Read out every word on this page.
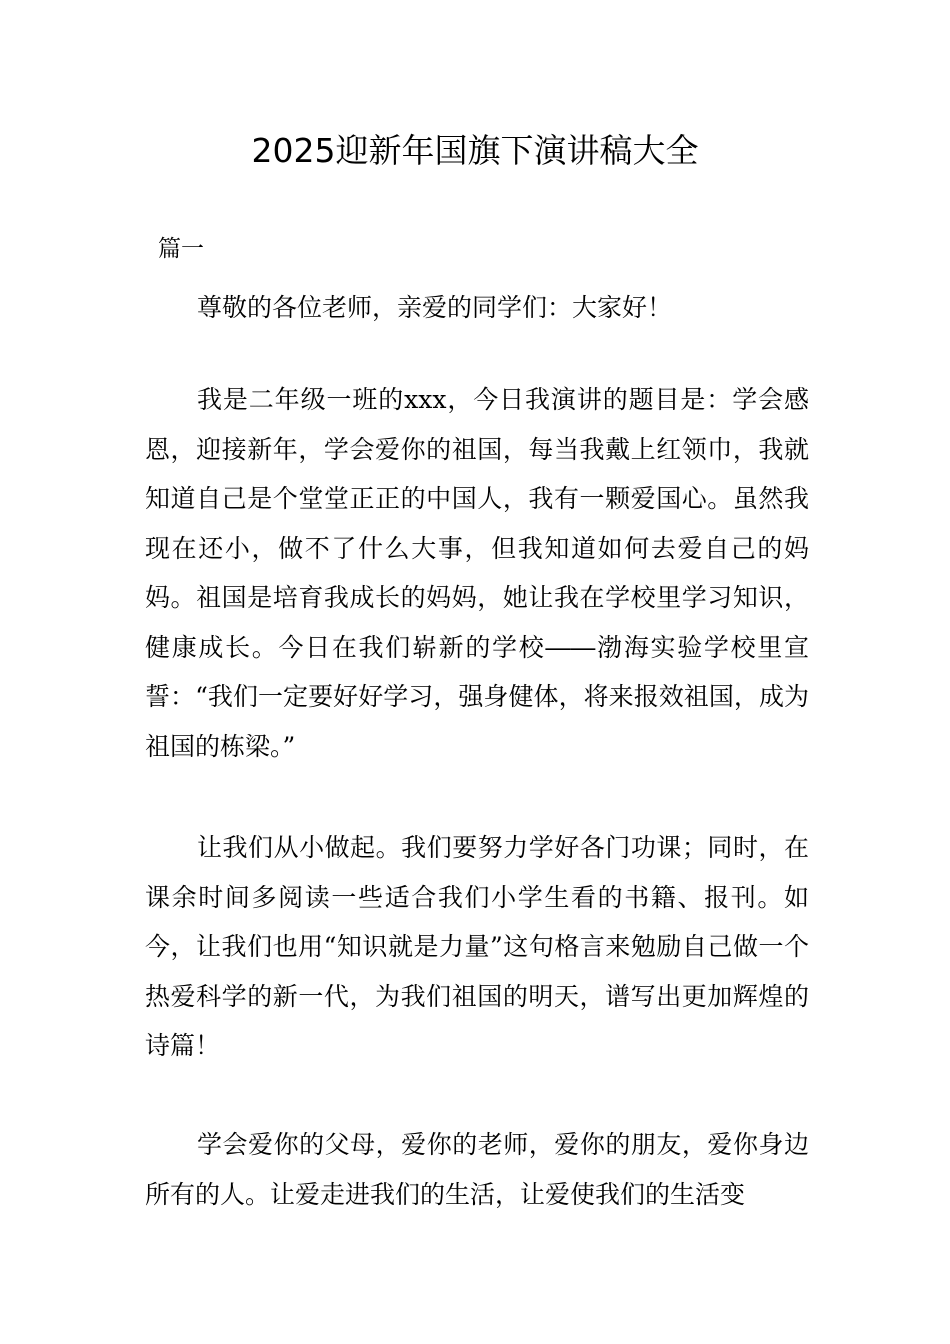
2025迎新年国旗下演讲稿大全

篇一

尊敬的各位老师，亲爱的同学们：大家好！

我是二年级一班的xxx，今日我演讲的题目是：学会感恩，迎接新年，学会爱你的祖国，每当我戴上红领巾，我就知道自己是个堂堂正正的中国人，我有一颗爱国心。虽然我现在还小，做不了什么大事，但我知道如何去爱自己的妈妈。祖国是培育我成长的妈妈，她让我在学校里学习知识，健康成长。今日在我们崭新的学校――渤海实验学校里宣誓：“我们一定要好好学习，强身健体，将来报效祖国，成为祖国的栋梁。”

让我们从小做起。我们要努力学好各门功课；同时，在课余时间多阅读一些适合我们小学生看的书籍、报刊。如今，让我们也用“知识就是力量”这句格言来勉励自己做一个热爱科学的新一代，为我们祖国的明天，谱写出更加辉煌的诗篇！

学会爱你的父母，爱你的老师，爱你的朋友，爱你身边所有的人。让爱走进我们的生活，让爱使我们的生活变
